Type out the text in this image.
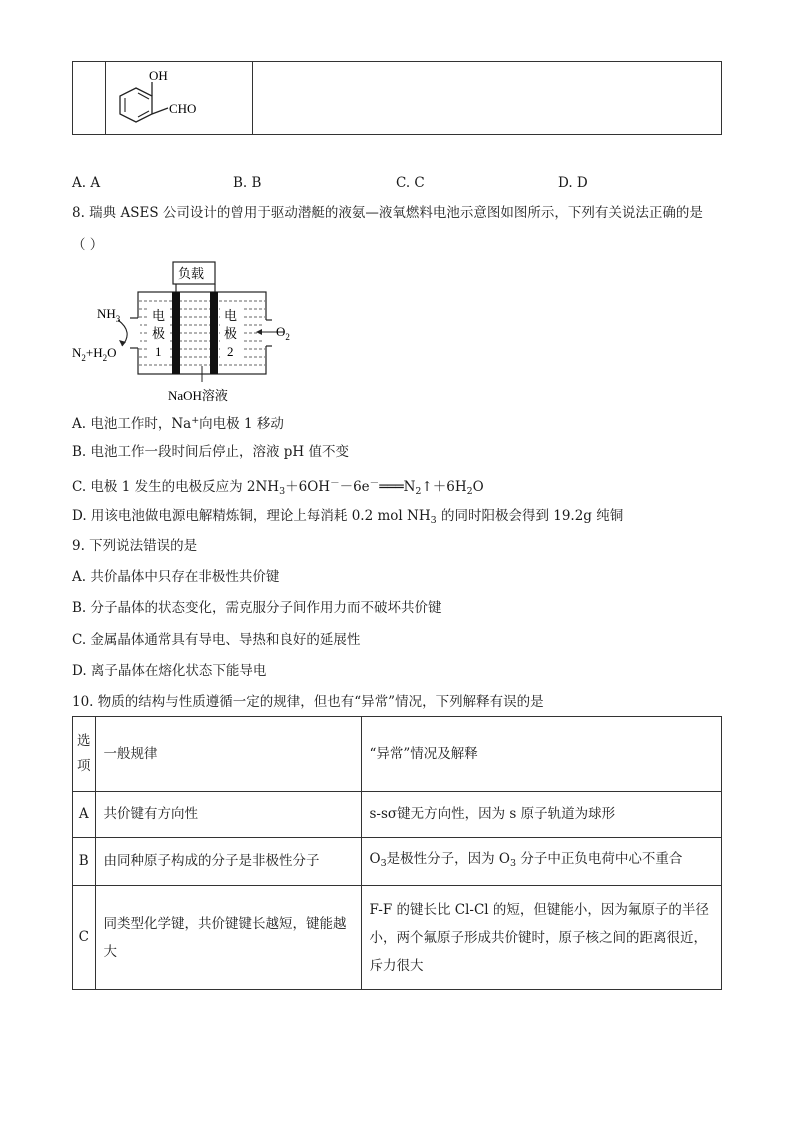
OH
CHO

A. A	B. B	C. C	D. D
8. 瑞典 ASES 公司设计的曾用于驱动潜艇的液氨—液氧燃料电池示意图如图所示，下列有关说法正确的是
（ ）
负载
电
极
1
电
极
2
$NH_3$
$N_2+H_2O$
$O_2$
NaOH溶液
A. 电池工作时，Na+向电极 1 移动
B. 电池工作一段时间后停止，溶液 pH 值不变
C. 电极 1 发生的电极反应为 $2NH_3+6OH^--6e^-═══N_2↑+6H_2O$
D. 用该电池做电源电解精炼铜，理论上每消耗 0.2 mol $NH_3$ 的同时阳极会得到 19.2g 纯铜
9. 下列说法错误的是
A. 共价晶体中只存在非极性共价键
B. 分子晶体的状态变化，需克服分子间作用力而不破坏共价键
C. 金属晶体通常具有导电、导热和良好的延展性
D. 离子晶体在熔化状态下能导电
10. 物质的结构与性质遵循一定的规律，但也有“异常”情况，下列解释有误的是
选项	一般规律	“异常”情况及解释
A	共价键有方向性	s-sσ键无方向性，因为 s 原子轨道为球形
B	由同种原子构成的分子是非极性分子	$O_3$是极性分子，因为 $O_3$ 分子中正负电荷中心不重合
C	同类型化学键，共价键键长越短，键能越大	F-F 的键长比 Cl-Cl 的短，但键能小，因为氟原子的半径小，两个氟原子形成共价键时，原子核之间的距离很近，斥力很大
